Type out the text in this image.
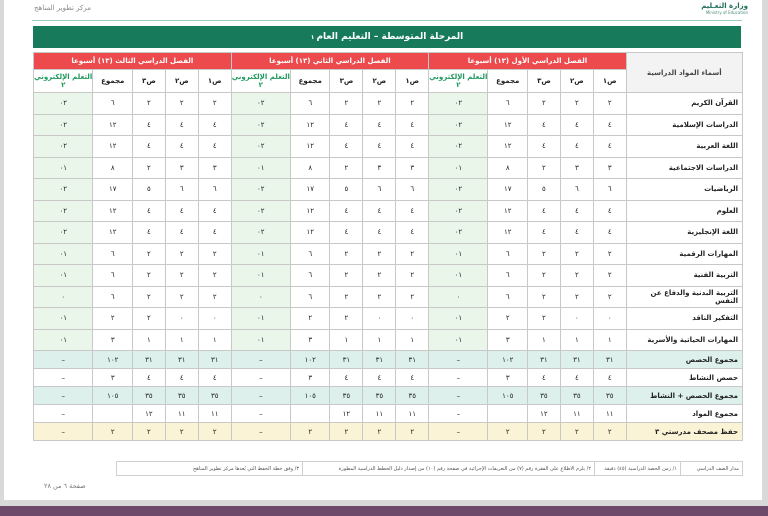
مركز تطوير المناهج	وزارة التعـليم
Ministry of Education
المرحلة المتوسطة – التعليم العام
١
أسماء المواد الدراسية	الفصل الدراسي الأول (١٣) أسبوعا					الفصل الدراسي الثاني (١٣) أسبوعا					الفصل الدراسي الثالث (١٣) أسبوعا				
	ص١	ص٢	ص٣	مجموع	التعلم الإلكتروني ٢	ص١	ص٢	ص٣	مجموع	التعلم الإلكتروني ٢	ص١	ص٢	ص٣	مجموع	التعلم الإلكتروني ٢
القرآن الكريم	٢	٢	٢	٦	٠٢	٢	٢	٢	٦	٠٢	٢	٢	٢	٦	٠٢
الدراسات الإسلامية	٤	٤	٤	١٢	٠٢	٤	٤	٤	١٢	٠٢	٤	٤	٤	١٢	٠٢
اللغة العربية	٤	٤	٤	١٢	٠٢	٤	٤	٤	١٢	٠٢	٤	٤	٤	١٢	٠٢
الدراسات الاجتماعية	٣	٣	٢	٨	٠١	٣	٣	٢	٨	٠١	٣	٣	٢	٨	٠١
الرياضيات	٦	٦	٥	١٧	٠٢	٦	٦	٥	١٧	٠٢	٦	٦	٥	١٧	٠٢
العلوم	٤	٤	٤	١٢	٠٢	٤	٤	٤	١٢	٠٢	٤	٤	٤	١٢	٠٢
اللغة الإنجليزية	٤	٤	٤	١٢	٠٢	٤	٤	٤	١٢	٠٢	٤	٤	٤	١٢	٠٢
المهارات الرقمية	٢	٢	٢	٦	٠١	٢	٢	٢	٦	٠١	٢	٢	٢	٦	٠١
التربية الفنية	٢	٢	٢	٦	٠١	٢	٢	٢	٦	٠١	٢	٢	٢	٦	٠١
التربية البدنية والدفاع عن النفس	٢	٢	٢	٦	٠	٢	٢	٢	٦	٠	٢	٢	٢	٦	٠
التفكير الناقد	٠	٠	٢	٢	٠١	٠	٠	٢	٢	٠١	٠	٠	٢	٢	٠١
المهارات الحياتية والأسرية	١	١	١	٣	٠١	١	١	١	٣	٠١	١	١	١	٣	٠١
مجموع الحصص	٣١	٣١	٣١	١٠٢	–	٣١	٣١	٣١	١٠٢	–	٣١	٣١	٣١	١٠٢	–
حصص النشاط	٤	٤	٤	٣	–	٤	٤	٤	٣	–	٤	٤	٤	٣	–
مجموع الحصص + النشاط	٣٥	٣٥	٣٥	١٠٥	–	٣٥	٣٥	٣٥	١٠٥	–	٣٥	٣٥	٣٥	١٠٥	–
مجموع المواد	١١	١١	١٢		–	١١	١١	١٢		–	١١	١١	١٢		–
حفظ مصحف مدرستي ٣	٢	٢	٢	٢	–	٢	٢	٢	٢	–	٢	٢	٢	٢	–
مدار الصف الدراسي	١/ زمن الحصة الدراسية (٤٥) دقيقة	٢/ يلزم الاطلاع على الفقرة رقم (٧) من التعريفات الإجرائية في صفحة رقم (١٠) من إصدار دليل الخطط الدراسية المطورة	٣/ وفق خطة الحفظ التي يُعدها مركز تطوير المناهج
صفحة ٦ من ٢٨
